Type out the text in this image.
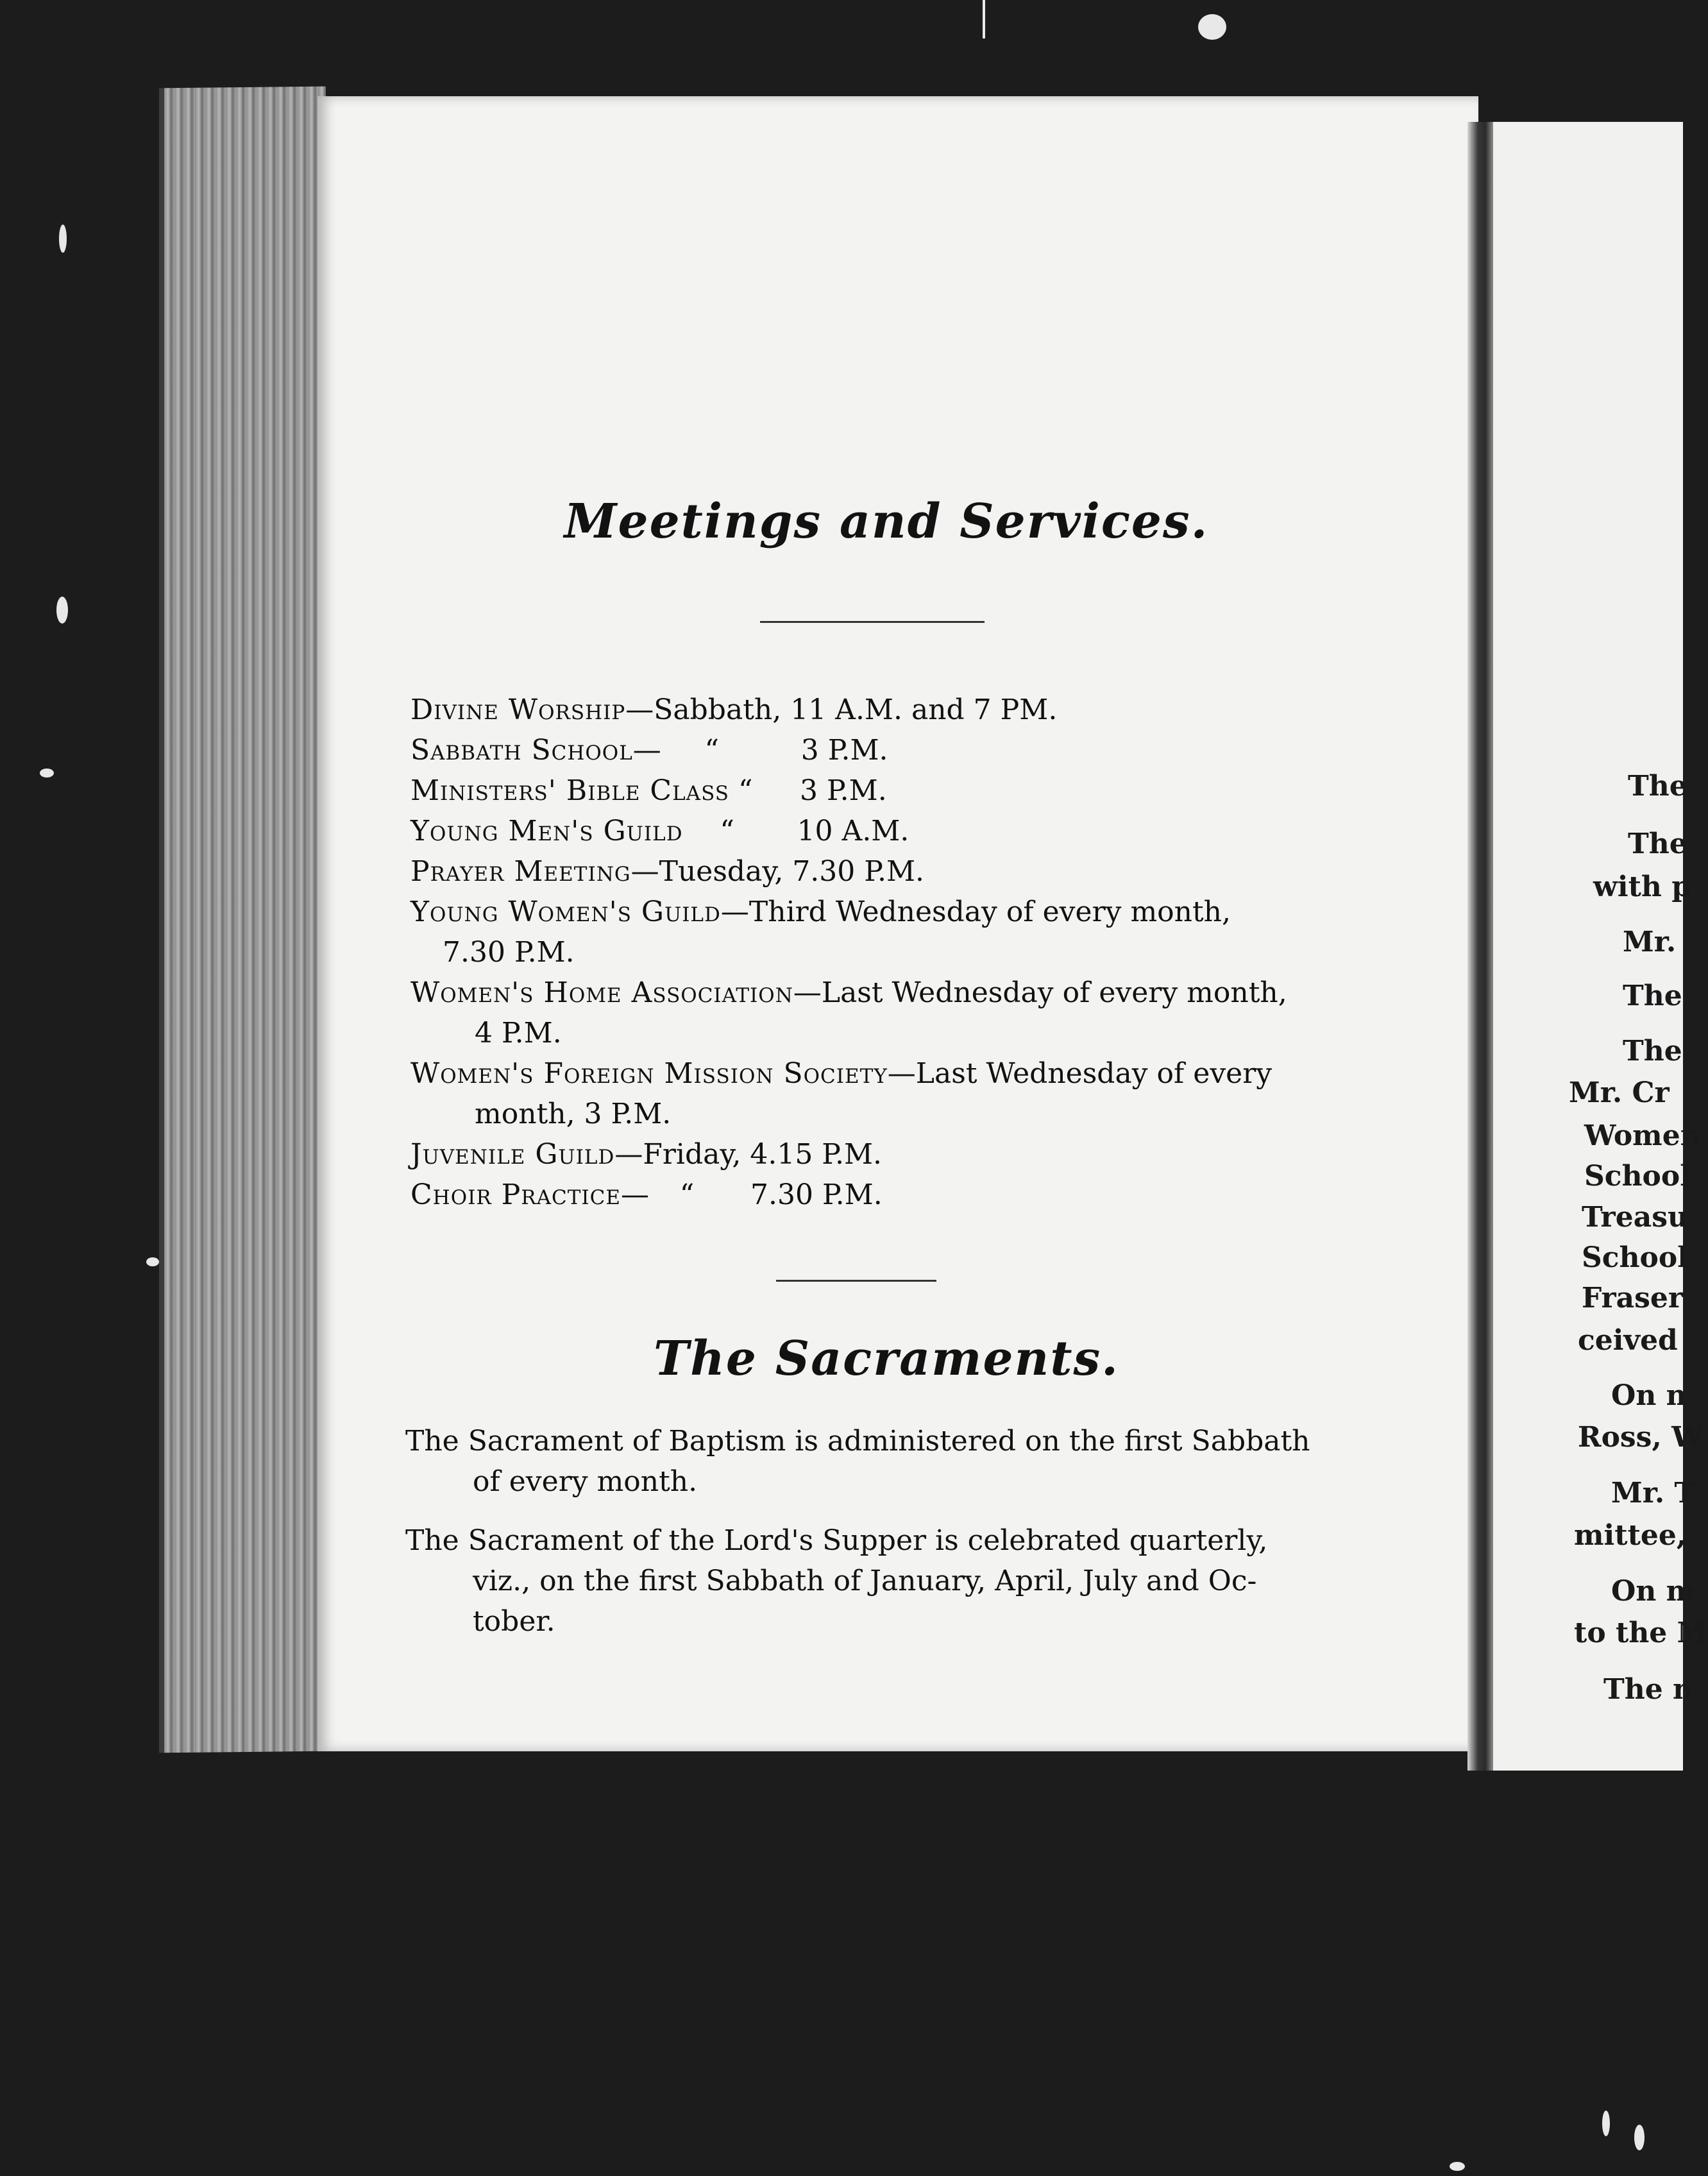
Meetings and Services.
Divine Worship—Sabbath, 11 A.M. and 7 PM.
Sabbath School— “	3 P.M.
Ministers' Bible Class “ 3 P.M.
Young Men's Guild “ 10 A.M.
Prayer Meeting—Tuesday, 7.30 P.M.
Young Women's Guild—Third Wednesday of every month,
7.30 P.M.
Women's Home Association—Last Wednesday of every month,
4 P.M.
Women's Foreign Mission Society—Last Wednesday of every
month, 3 P.M.
Juvenile Guild—Friday, 4.15 P.M.
Choir Practice— “ 7.30 P.M.
The Sacraments.
The Sacrament of Baptism is administered on the first Sabbath
of every month.
The Sacrament of the Lord's Supper is celebrated quarterly,
viz., on the first Sabbath of January, April, July and Oc-
tober.
The
The
with p
Mr.
The
The
Mr. Cr
Women
School
Treasu
School
Fraser
ceived
On n
Ross, W
Mr. T
mittee,
On m
to the M
The n
